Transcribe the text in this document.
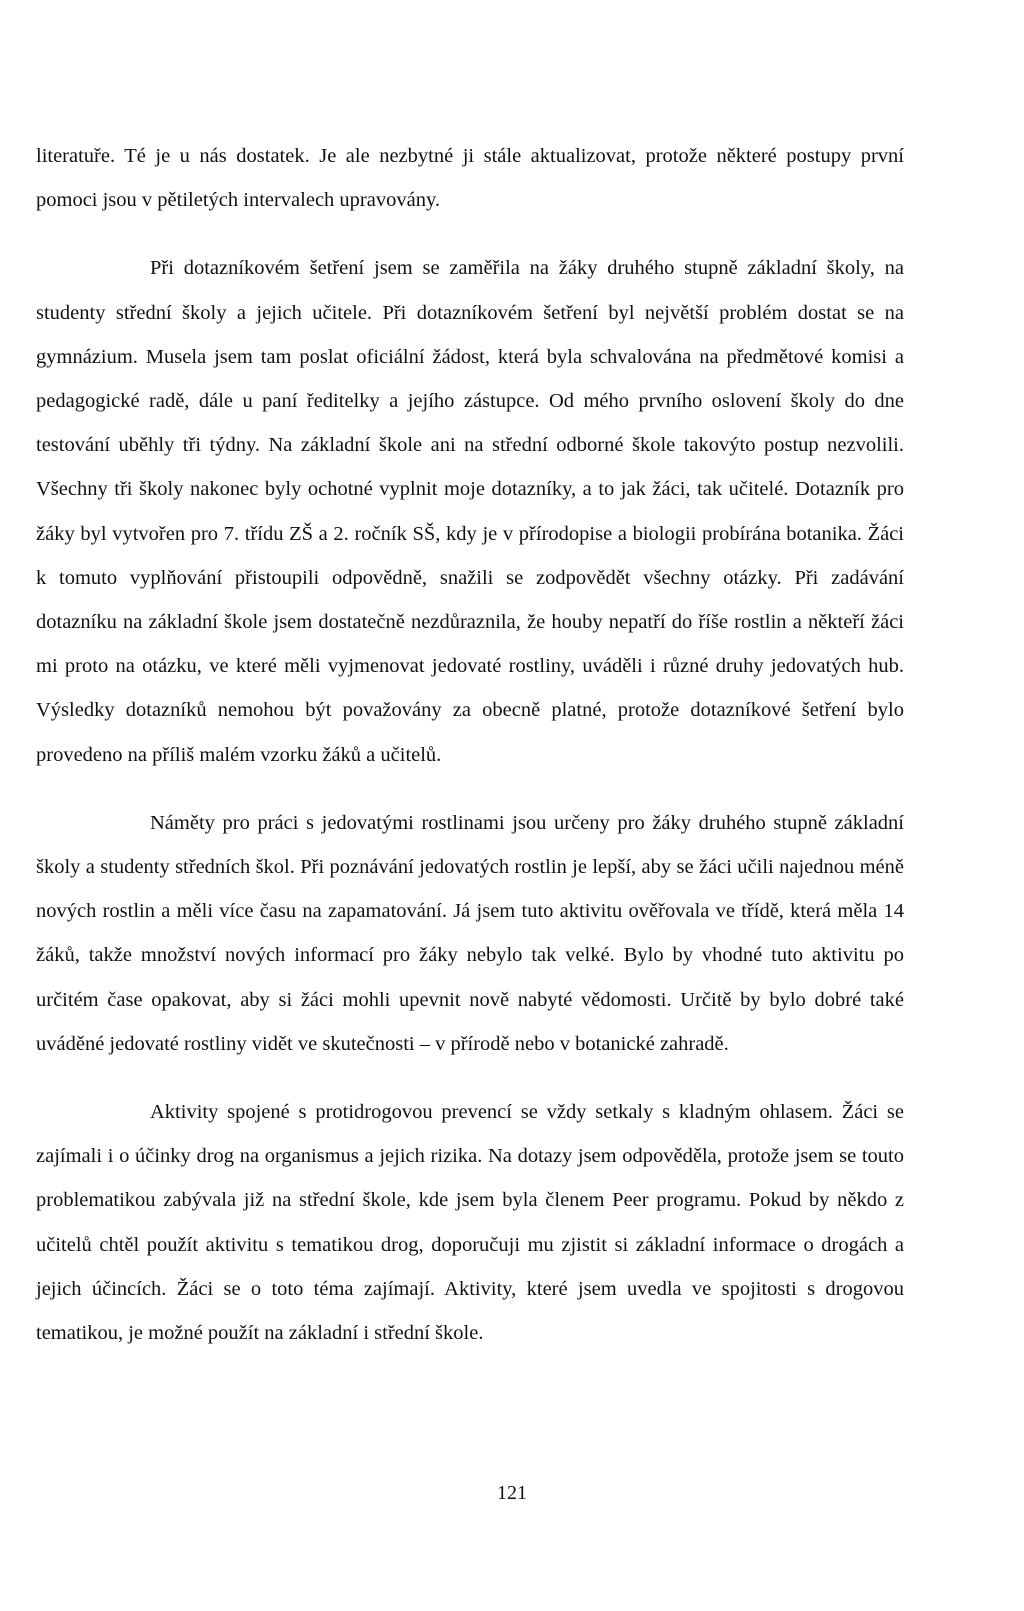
literatuře. Té je u nás dostatek. Je ale nezbytné ji stále aktualizovat, protože některé postupy první pomoci jsou v pětiletých intervalech upravovány.

Při dotazníkovém šetření jsem se zaměřila na žáky druhého stupně základní školy, na studenty střední školy a jejich učitele. Při dotazníkovém šetření byl největší problém dostat se na gymnázium. Musela jsem tam poslat oficiální žádost, která byla schvalována na předmětové komisi a pedagogické radě, dále u paní ředitelky a jejího zástupce. Od mého prvního oslovení školy do dne testování uběhly tři týdny. Na základní škole ani na střední odborné škole takovýto postup nezvolili. Všechny tři školy nakonec byly ochotné vyplnit moje dotazníky, a to jak žáci, tak učitelé. Dotazník pro žáky byl vytvořen pro 7. třídu ZŠ a 2. ročník SŠ, kdy je v přírodopise a biologii probírána botanika. Žáci k tomuto vyplňování přistoupili odpovědně, snažili se zodpovědět všechny otázky. Při zadávání dotazníku na základní škole jsem dostatečně nezdůraznila, že houby nepatří do říše rostlin a někteří žáci mi proto na otázku, ve které měli vyjmenovat jedovaté rostliny, uváděli i různé druhy jedovatých hub. Výsledky dotazníků nemohou být považovány za obecně platné, protože dotazníkové šetření bylo provedeno na příliš malém vzorku žáků a učitelů.

Náměty pro práci s jedovatými rostlinami jsou určeny pro žáky druhého stupně základní školy a studenty středních škol. Při poznávání jedovatých rostlin je lepší, aby se žáci učili najednou méně nových rostlin a měli více času na zapamatování. Já jsem tuto aktivitu ověřovala ve třídě, která měla 14 žáků, takže množství nových informací pro žáky nebylo tak velké. Bylo by vhodné tuto aktivitu po určitém čase opakovat, aby si žáci mohli upevnit nově nabyté vědomosti. Určitě by bylo dobré také uváděné jedovaté rostliny vidět ve skutečnosti – v přírodě nebo v botanické zahradě.

Aktivity spojené s protidrogovou prevencí se vždy setkaly s kladným ohlasem. Žáci se zajímali i o účinky drog na organismus a jejich rizika. Na dotazy jsem odpověděla, protože jsem se touto problematikou zabývala již na střední škole, kde jsem byla členem Peer programu. Pokud by někdo z učitelů chtěl použít aktivitu s tematikou drog, doporučuji mu zjistit si základní informace o drogách a jejich účincích. Žáci se o toto téma zajímají. Aktivity, které jsem uvedla ve spojitosti s drogovou tematikou, je možné použít na základní i střední škole.

121
